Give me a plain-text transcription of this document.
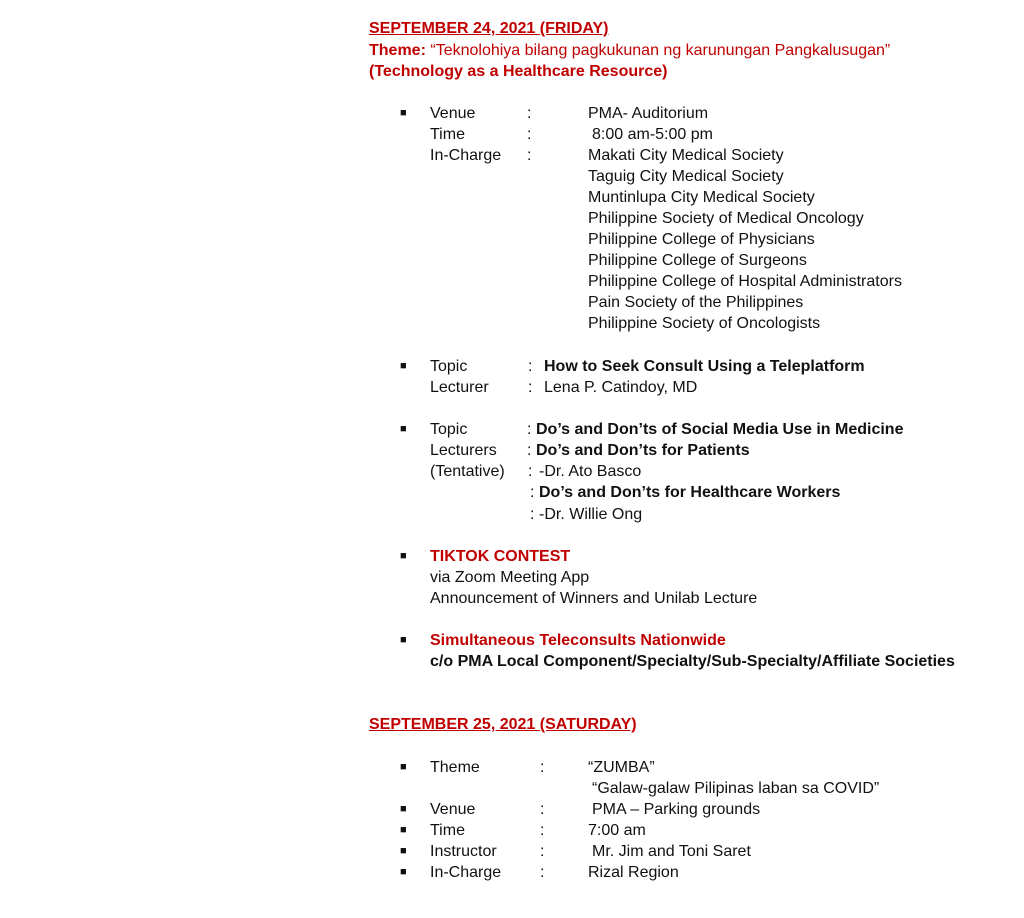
SEPTEMBER 24, 2021 (FRIDAY)
Theme: “Teknolohiya bilang pagkukunan ng karunungan Pangkalusugan”
(Technology as a Healthcare Resource)
■ Venue	:	PMA- Auditorium
Time	:	8:00 am-5:00 pm
In-Charge :	Makati City Medical Society
Taguig City Medical Society
Muntinlupa City Medical Society
Philippine Society of Medical Oncology
Philippine College of Physicians
Philippine College of Surgeons
Philippine College of Hospital Administrators
Pain Society of the Philippines
Philippine Society of Oncologists
■ Topic	: How to Seek Consult Using a Teleplatform
Lecturer : Lena P. Catindoy, MD
■ Topic	: Do’s and Don’ts of Social Media Use in Medicine
Lecturers : Do’s and Don’ts for Patients
(Tentative) : -Dr. Ato Basco
: Do’s and Don’ts for Healthcare Workers
: -Dr. Willie Ong
■ TIKTOK CONTEST
via Zoom Meeting App
Announcement of Winners and Unilab Lecture
■ Simultaneous Teleconsults Nationwide
c/o PMA Local Component/Specialty/Sub-Specialty/Affiliate Societies
SEPTEMBER 25, 2021 (SATURDAY)
■ Theme	:	“ZUMBA”
“Galaw-galaw Pilipinas laban sa COVID”
■ Venue	:	PMA – Parking grounds
■ Time	:	7:00 am
■ Instructor	:	Mr. Jim and Toni Saret
■ In-Charge :	Rizal Region
